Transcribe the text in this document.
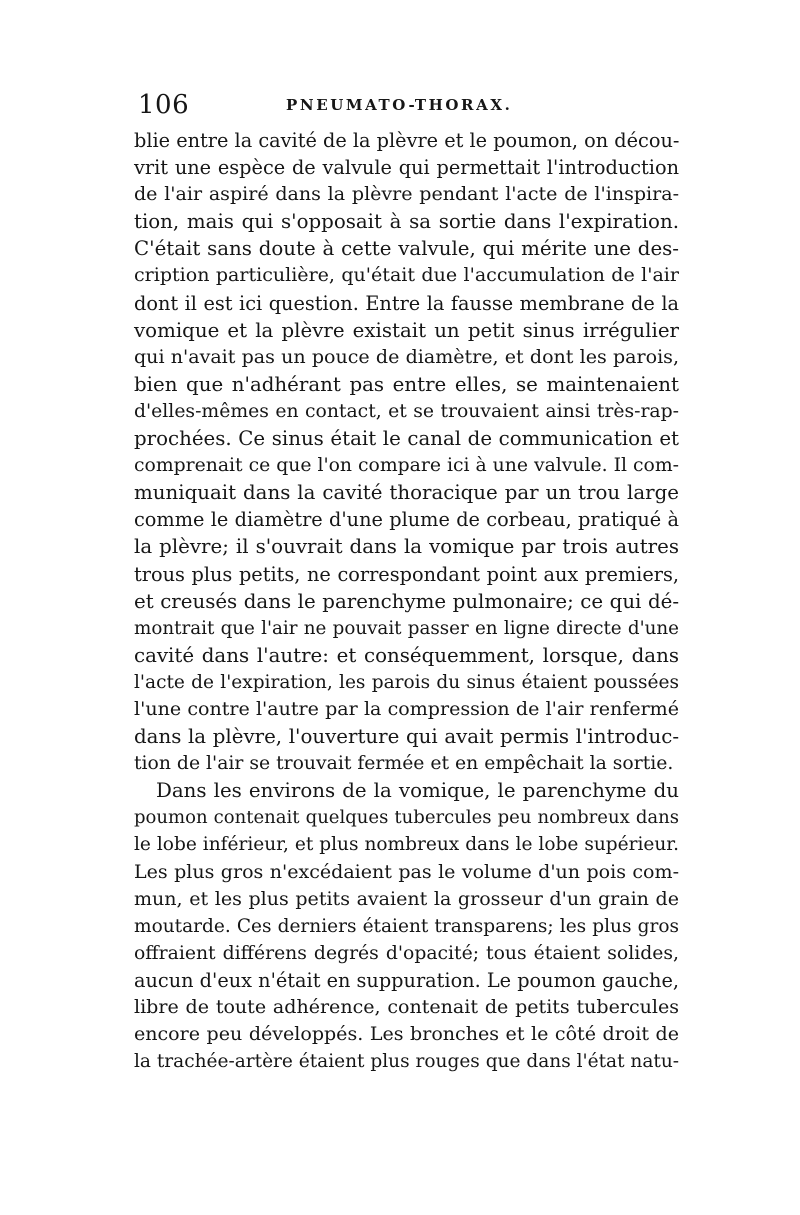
106	PNEUMATO-THORAX.
blie entre la cavité de la plèvre et le poumon, on décou-
vrit une espèce de valvule qui permettait l'introduction
de l'air aspiré dans la plèvre pendant l'acte de l'inspira-
tion, mais qui s'opposait à sa sortie dans l'expiration.
C'était sans doute à cette valvule, qui mérite une des-
cription particulière, qu'était due l'accumulation de l'air
dont il est ici question. Entre la fausse membrane de la
vomique et la plèvre existait un petit sinus irrégulier
qui n'avait pas un pouce de diamètre, et dont les parois,
bien que n'adhérant pas entre elles, se maintenaient
d'elles-mêmes en contact, et se trouvaient ainsi très-rap-
prochées. Ce sinus était le canal de communication et
comprenait ce que l'on compare ici à une valvule. Il com-
muniquait dans la cavité thoracique par un trou large
comme le diamètre d'une plume de corbeau, pratiqué à
la plèvre; il s'ouvrait dans la vomique par trois autres
trous plus petits, ne correspondant point aux premiers,
et creusés dans le parenchyme pulmonaire; ce qui dé-
montrait que l'air ne pouvait passer en ligne directe d'une
cavité dans l'autre: et conséquemment, lorsque, dans
l'acte de l'expiration, les parois du sinus étaient poussées
l'une contre l'autre par la compression de l'air renfermé
dans la plèvre, l'ouverture qui avait permis l'introduc-
tion de l'air se trouvait fermée et en empêchait la sortie.
Dans les environs de la vomique, le parenchyme du
poumon contenait quelques tubercules peu nombreux dans
le lobe inférieur, et plus nombreux dans le lobe supérieur.
Les plus gros n'excédaient pas le volume d'un pois com-
mun, et les plus petits avaient la grosseur d'un grain de
moutarde. Ces derniers étaient transparens; les plus gros
offraient différens degrés d'opacité; tous étaient solides,
aucun d'eux n'était en suppuration. Le poumon gauche,
libre de toute adhérence, contenait de petits tubercules
encore peu développés. Les bronches et le côté droit de
la trachée-artère étaient plus rouges que dans l'état natu-
